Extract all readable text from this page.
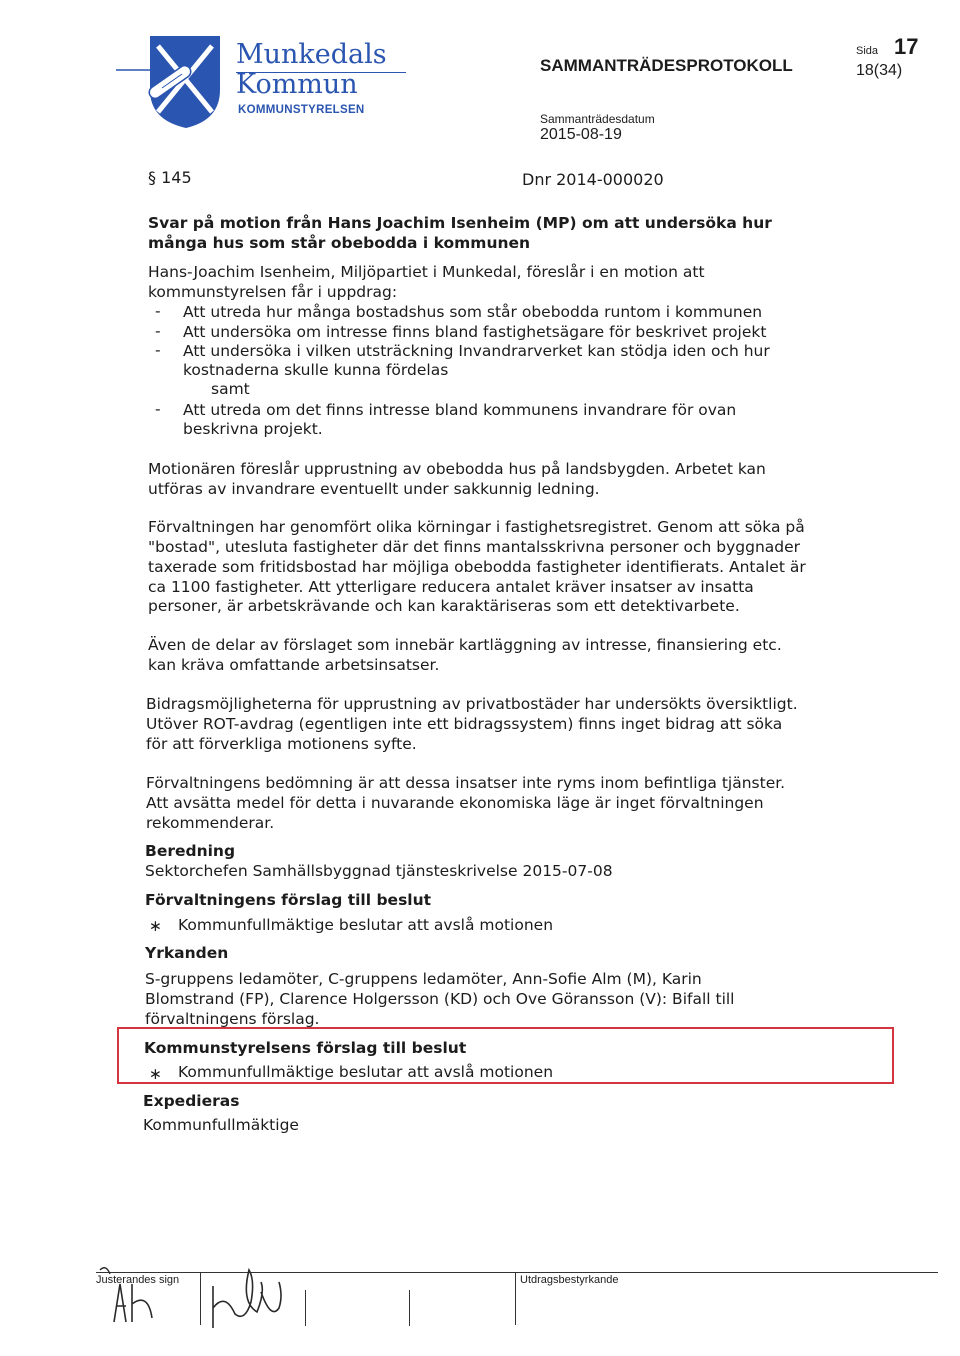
Munkedals
Kommun
KOMMUNSTYRELSEN
SAMMANTRÄDESPROTOKOLL
Sida 17
18(34)
Sammanträdesdatum
2015-08-19
§ 145	Dnr 2014-000020
Svar på motion från Hans Joachim Isenheim (MP) om att undersöka hur
många hus som står obebodda i kommunen
Hans-Joachim Isenheim, Miljöpartiet i Munkedal, föreslår i en motion att
kommunstyrelsen får i uppdrag:
- Att utreda hur många bostadshus som står obebodda runtom i kommunen
- Att undersöka om intresse finns bland fastighetsägare för beskrivet projekt
- Att undersöka i vilken utsträckning Invandrarverket kan stödja iden och hur
kostnaderna skulle kunna fördelas
samt
- Att utreda om det finns intresse bland kommunens invandrare för ovan
beskrivna projekt.
Motionären föreslår upprustning av obebodda hus på landsbygden. Arbetet kan
utföras av invandrare eventuellt under sakkunnig ledning.
Förvaltningen har genomfört olika körningar i fastighetsregistret. Genom att söka på
"bostad", utesluta fastigheter där det finns mantalsskrivna personer och byggnader
taxerade som fritidsbostad har möjliga obebodda fastigheter identifierats. Antalet är
ca 1100 fastigheter. Att ytterligare reducera antalet kräver insatser av insatta
personer, är arbetskrävande och kan karaktäriseras som ett detektivarbete.
Även de delar av förslaget som innebär kartläggning av intresse, finansiering etc.
kan kräva omfattande arbetsinsatser.
Bidragsmöjligheterna för upprustning av privatbostäder har undersökts översiktligt.
Utöver ROT-avdrag (egentligen inte ett bidragssystem) finns inget bidrag att söka
för att förverkliga motionens syfte.
Förvaltningens bedömning är att dessa insatser inte ryms inom befintliga tjänster.
Att avsätta medel för detta i nuvarande ekonomiska läge är inget förvaltningen
rekommenderar.
Beredning
Sektorchefen Samhällsbyggnad tjänsteskrivelse 2015-07-08
Förvaltningens förslag till beslut
∗ Kommunfullmäktige beslutar att avslå motionen
Yrkanden
S-gruppens ledamöter, C-gruppens ledamöter, Ann-Sofie Alm (M), Karin
Blomstrand (FP), Clarence Holgersson (KD) och Ove Göransson (V): Bifall till
förvaltningens förslag.
Kommunstyrelsens förslag till beslut
∗ Kommunfullmäktige beslutar att avslå motionen
Expedieras
Kommunfullmäktige
Justerandes sign	Utdragsbestyrkande
